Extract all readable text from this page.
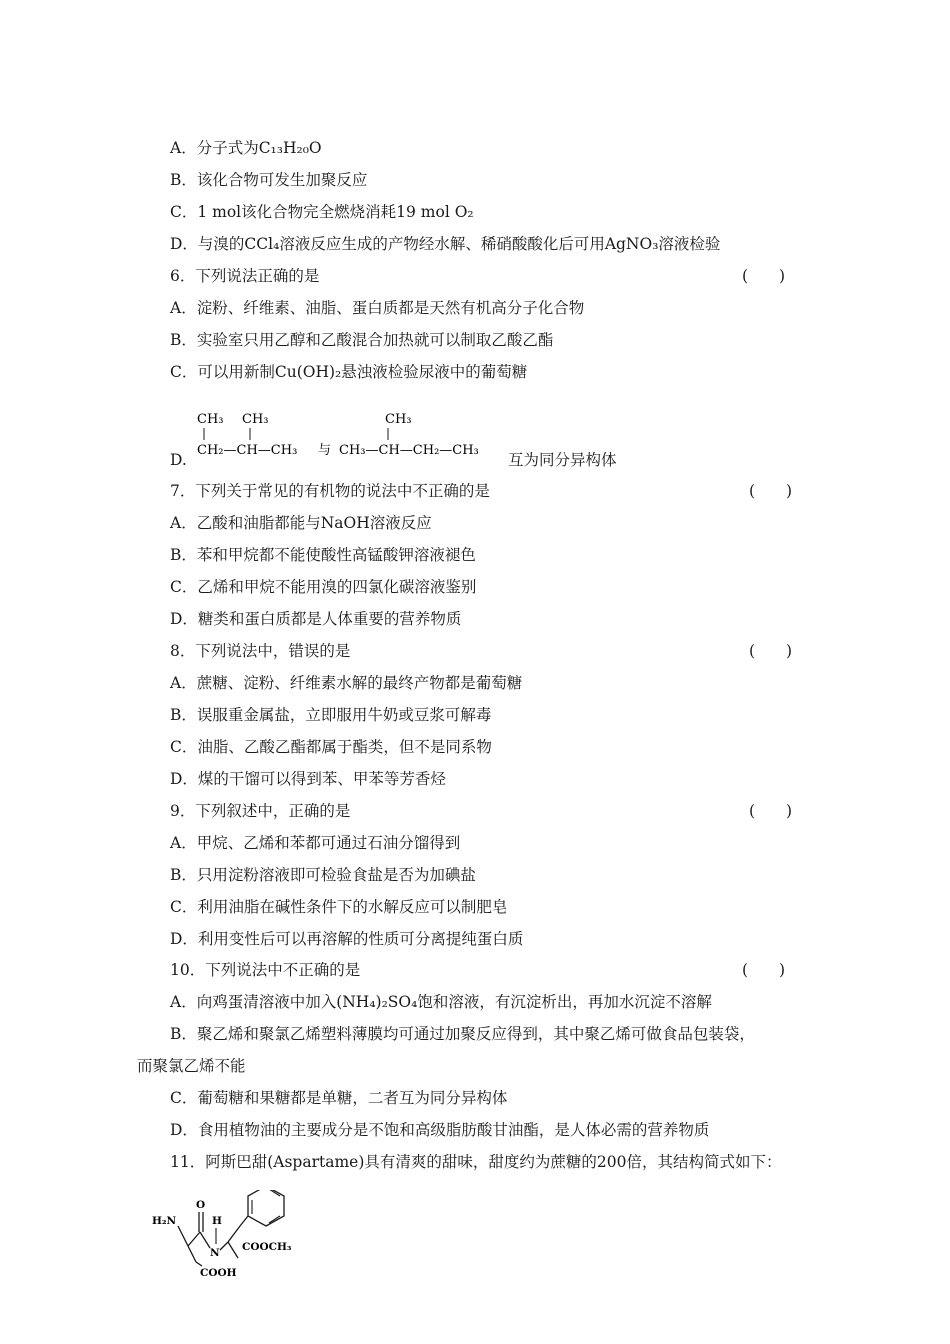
A．分子式为C₁₃H₂₀O
B．该化合物可发生加聚反应
C．1 mol该化合物完全燃烧消耗19 mol O₂
D．与溴的CCl₄溶液反应生成的产物经水解、稀硝酸酸化后可用AgNO₃溶液检验
6．下列说法正确的是	(　　)
A．淀粉、纤维素、油脂、蛋白质都是天然有机高分子化合物
B．实验室只用乙醇和乙酸混合加热就可以制取乙酸乙酯
C．可以用新制Cu(OH)₂悬浊液检验尿液中的葡萄糖
D.
CH₃ CH₃
CH₂—CH—CH₃ 与
CH₃
CH₃—CH—CH₂—CH₃
互为同分异构体
7．下列关于常见的有机物的说法中不正确的是	(　　)
A．乙酸和油脂都能与NaOH溶液反应
B．苯和甲烷都不能使酸性高锰酸钾溶液褪色
C．乙烯和甲烷不能用溴的四氯化碳溶液鉴别
D．糖类和蛋白质都是人体重要的营养物质
8．下列说法中，错误的是	(　　)
A．蔗糖、淀粉、纤维素水解的最终产物都是葡萄糖
B．误服重金属盐，立即服用牛奶或豆浆可解毒
C．油脂、乙酸乙酯都属于酯类，但不是同系物
D．煤的干馏可以得到苯、甲苯等芳香烃
9．下列叙述中，正确的是	(　　)
A．甲烷、乙烯和苯都可通过石油分馏得到
B．只用淀粉溶液即可检验食盐是否为加碘盐
C．利用油脂在碱性条件下的水解反应可以制肥皂
D．利用变性后可以再溶解的性质可分离提纯蛋白质
10．下列说法中不正确的是	(　　)
A．向鸡蛋清溶液中加入(NH₄)₂SO₄饱和溶液，有沉淀析出，再加水沉淀不溶解
B．聚乙烯和聚氯乙烯塑料薄膜均可通过加聚反应得到，其中聚乙烯可做食品包装袋，
而聚氯乙烯不能
C．葡萄糖和果糖都是单糖，二者互为同分异构体
D．食用植物油的主要成分是不饱和高级脂肪酸甘油酯，是人体必需的营养物质
11．阿斯巴甜(Aspartame)具有清爽的甜味，甜度约为蔗糖的200倍，其结构简式如下：
COOCH₃
N
H
O
H₂N
COOH
